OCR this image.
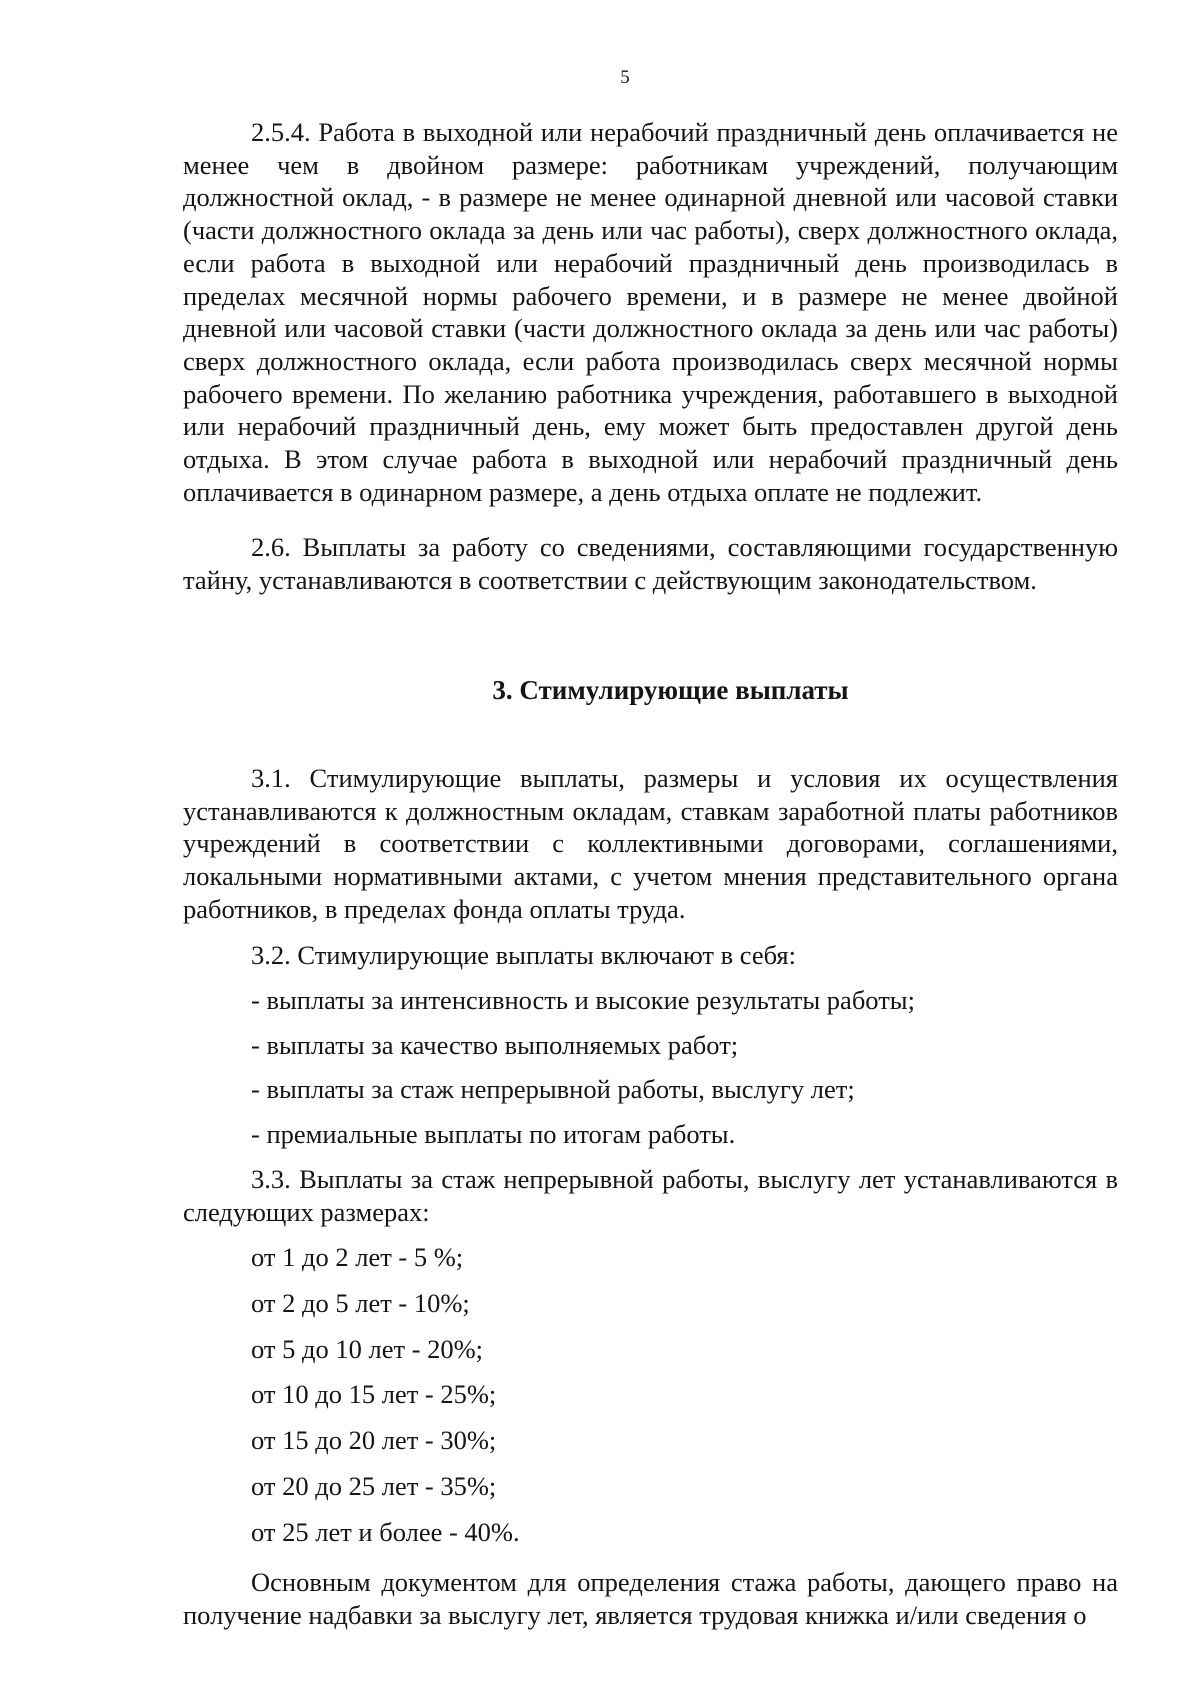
5

2.5.4. Работа в выходной или нерабочий праздничный день оплачивается не менее чем в двойном размере: работникам учреждений, получающим должностной оклад, - в размере не менее одинарной дневной или часовой ставки (части должностного оклада за день или час работы), сверх должностного оклада, если работа в выходной или нерабочий праздничный день производилась в пределах месячной нормы рабочего времени, и в размере не менее двойной дневной или часовой ставки (части должностного оклада за день или час работы) сверх должностного оклада, если работа производилась сверх месячной нормы рабочего времени. По желанию работника учреждения, работавшего в выходной или нерабочий праздничный день, ему может быть предоставлен другой день отдыха. В этом случае работа в выходной или нерабочий праздничный день оплачивается в одинарном размере, а день отдыха оплате не подлежит.

2.6. Выплаты за работу со сведениями, составляющими государственную тайну, устанавливаются в соответствии с действующим законодательством.

3. Стимулирующие выплаты

3.1. Стимулирующие выплаты, размеры и условия их осуществления устанавливаются к должностным окладам, ставкам заработной платы работников учреждений в соответствии с коллективными договорами, соглашениями, локальными нормативными актами, с учетом мнения представительного органа работников, в пределах фонда оплаты труда.

3.2. Стимулирующие выплаты включают в себя:

- выплаты за интенсивность и высокие результаты работы;

- выплаты за качество выполняемых работ;

- выплаты за стаж непрерывной работы, выслугу лет;

- премиальные выплаты по итогам работы.

3.3. Выплаты за стаж непрерывной работы, выслугу лет устанавливаются в следующих размерах:

от 1 до 2 лет - 5 %;

от 2 до 5 лет - 10%;

от 5 до 10 лет - 20%;

от 10 до 15 лет - 25%;

от 15 до 20 лет - 30%;

от 20 до 25 лет - 35%;

от 25 лет и более - 40%.

Основным документом для определения стажа работы, дающего право на получение надбавки за выслугу лет, является трудовая книжка и/или сведения о
